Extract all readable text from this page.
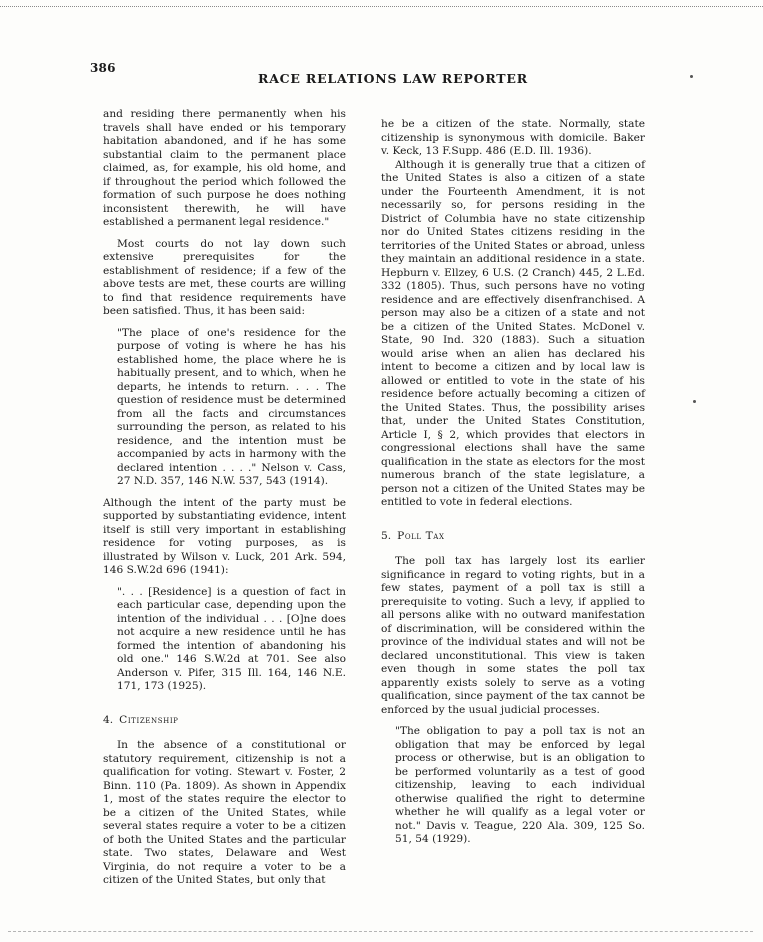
386
RACE RELATIONS LAW REPORTER

and residing there permanently when his travels shall have ended or his temporary habitation abandoned, and if he has some substantial claim to the permanent place claimed, as, for example, his old home, and if throughout the period which followed the formation of such purpose he does nothing inconsistent therewith, he will have established a permanent legal residence."

Most courts do not lay down such extensive prerequisites for the establishment of residence; if a few of the above tests are met, these courts are willing to find that residence requirements have been satisfied. Thus, it has been said:

"The place of one's residence for the purpose of voting is where he has his established home, the place where he is habitually present, and to which, when he departs, he intends to return. . . . The question of residence must be determined from all the facts and circumstances surrounding the person, as related to his residence, and the intention must be accompanied by acts in harmony with the declared intention . . . ." Nelson v. Cass, 27 N.D. 357, 146 N.W. 537, 543 (1914).

Although the intent of the party must be supported by substantiating evidence, intent itself is still very important in establishing residence for voting purposes, as is illustrated by Wilson v. Luck, 201 Ark. 594, 146 S.W.2d 696 (1941):

". . . [Residence] is a question of fact in each particular case, depending upon the intention of the individual . . . [O]ne does not acquire a new residence until he has formed the intention of abandoning his old one." 146 S.W.2d at 701. See also Anderson v. Pifer, 315 Ill. 164, 146 N.E. 171, 173 (1925).

4. Citizenship

In the absence of a constitutional or statutory requirement, citizenship is not a qualification for voting. Stewart v. Foster, 2 Binn. 110 (Pa. 1809). As shown in Appendix 1, most of the states require the elector to be a citizen of the United States, while several states require a voter to be a citizen of both the United States and the particular state. Two states, Delaware and West Virginia, do not require a voter to be a citizen of the United States, but only that

he be a citizen of the state. Normally, state citizenship is synonymous with domicile. Baker v. Keck, 13 F.Supp. 486 (E.D. Ill. 1936).

Although it is generally true that a citizen of the United States is also a citizen of a state under the Fourteenth Amendment, it is not necessarily so, for persons residing in the District of Columbia have no state citizenship nor do United States citizens residing in the territories of the United States or abroad, unless they maintain an additional residence in a state. Hepburn v. Ellzey, 6 U.S. (2 Cranch) 445, 2 L.Ed. 332 (1805). Thus, such persons have no voting residence and are effectively disenfranchised. A person may also be a citizen of a state and not be a citizen of the United States. McDonel v. State, 90 Ind. 320 (1883). Such a situation would arise when an alien has declared his intent to become a citizen and by local law is allowed or entitled to vote in the state of his residence before actually becoming a citizen of the United States. Thus, the possibility arises that, under the United States Constitution, Article I, § 2, which provides that electors in congressional elections shall have the same qualification in the state as electors for the most numerous branch of the state legislature, a person not a citizen of the United States may be entitled to vote in federal elections.

5. Poll Tax

The poll tax has largely lost its earlier significance in regard to voting rights, but in a few states, payment of a poll tax is still a prerequisite to voting. Such a levy, if applied to all persons alike with no outward manifestation of discrimination, will be considered within the province of the individual states and will not be declared unconstitutional. This view is taken even though in some states the poll tax apparently exists solely to serve as a voting qualification, since payment of the tax cannot be enforced by the usual judicial processes.

"The obligation to pay a poll tax is not an obligation that may be enforced by legal process or otherwise, but is an obligation to be performed voluntarily as a test of good citizenship, leaving to each individual otherwise qualified the right to determine whether he will qualify as a legal voter or not." Davis v. Teague, 220 Ala. 309, 125 So. 51, 54 (1929).
